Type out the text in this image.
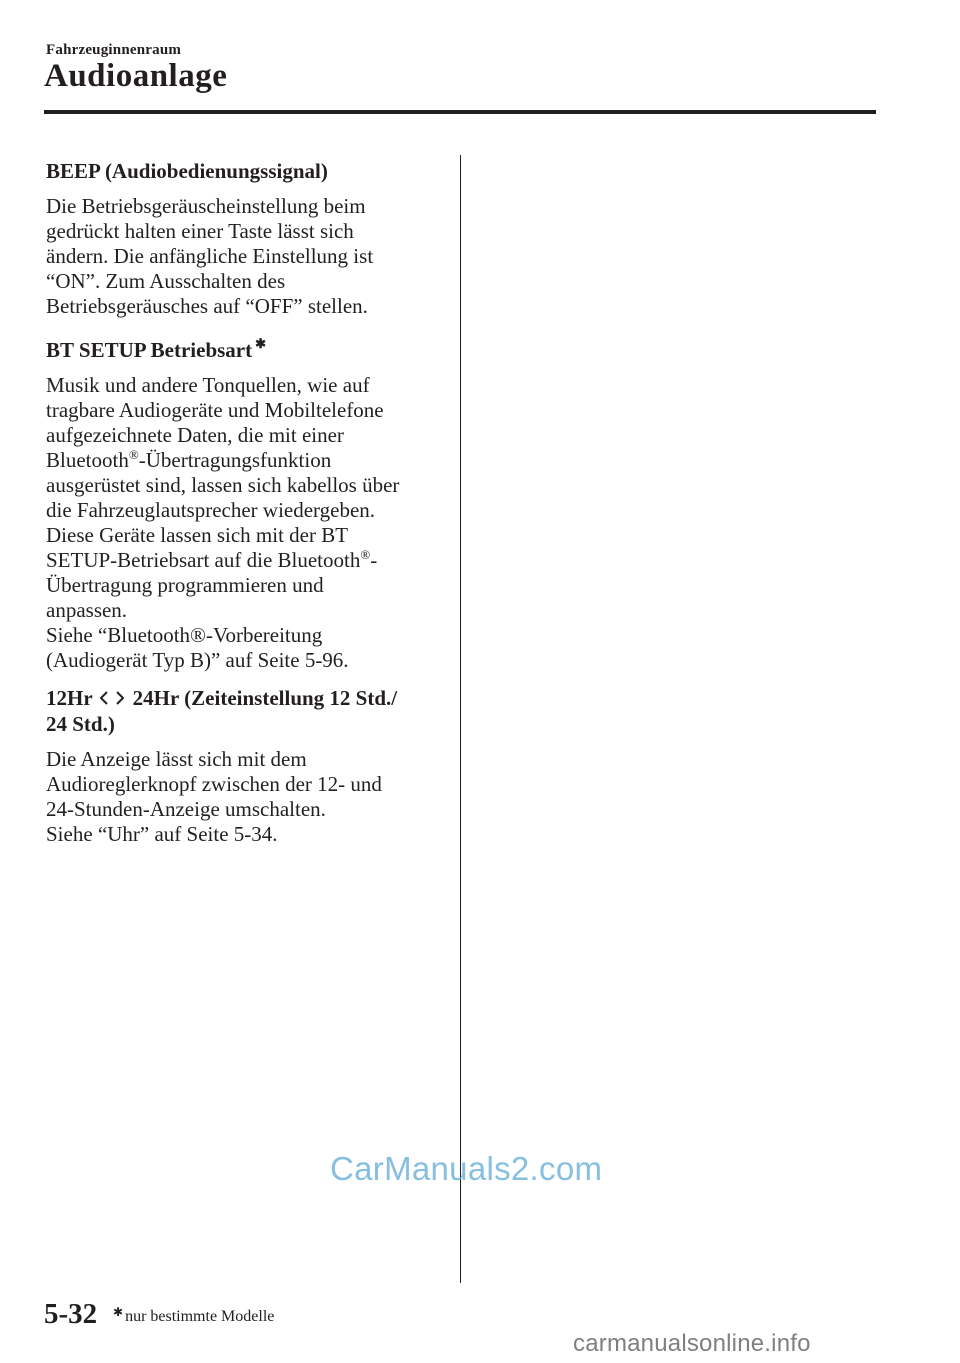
Fahrzeuginnenraum
Audioanlage
BEEP (Audiobedienungssignal)
Die Betriebsgeräuscheinstellung beim
gedrückt halten einer Taste lässt sich
ändern. Die anfängliche Einstellung ist
“ON”. Zum Ausschalten des
Betriebsgeräusches auf “OFF” stellen.
BT SETUP Betriebsart ✱
Musik und andere Tonquellen, wie auf
tragbare Audiogeräte und Mobiltelefone
aufgezeichnete Daten, die mit einer
Bluetooth®-Übertragungsfunktion
ausgerüstet sind, lassen sich kabellos über
die Fahrzeuglautsprecher wiedergeben.
Diese Geräte lassen sich mit der BT
SETUP-Betriebsart auf die Bluetooth®-
Übertragung programmieren und
anpassen.
Siehe “Bluetooth®-Vorbereitung
(Audiogerät Typ B)” auf Seite 5-96.
12Hr 24Hr (Zeiteinstellung 12 Std./
24 Std.)
Die Anzeige lässt sich mit dem
Audioreglerknopf zwischen der 12- und
24-Stunden-Anzeige umschalten.
Siehe “Uhr” auf Seite 5-34.
CarManuals2.com
5-32 ✱ nur bestimmte Modelle
carmanualsonline.info
